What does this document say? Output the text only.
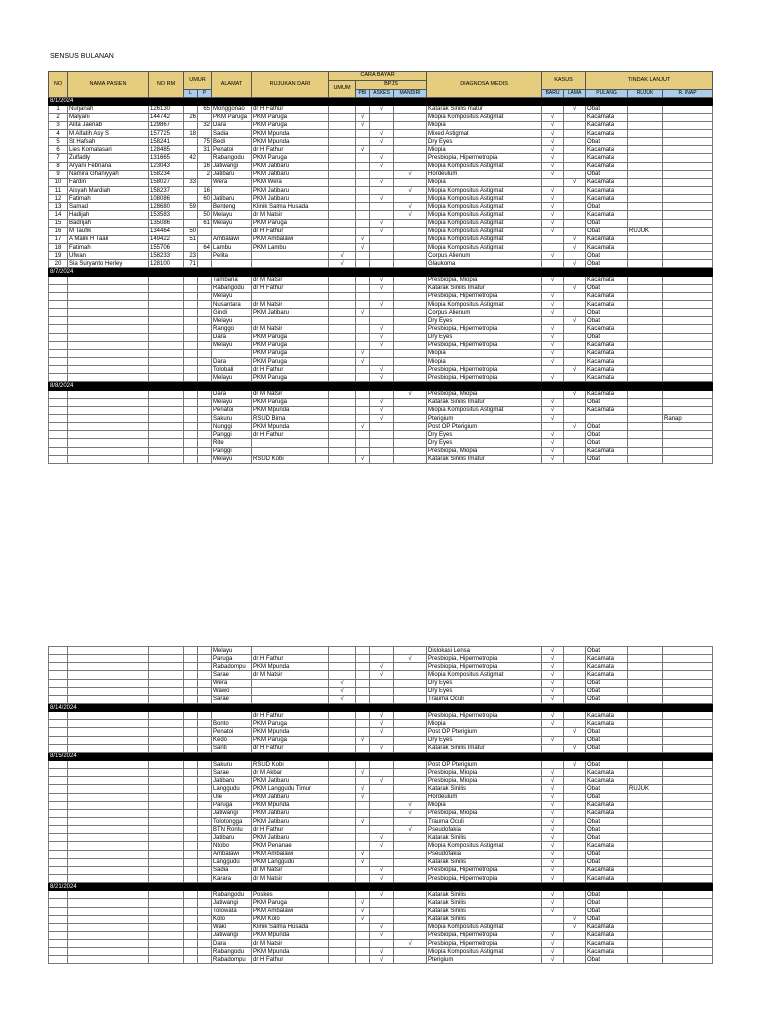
SENSUS BULANAN
NO	NAMA PASIEN	NO RM	UMUR		ALAMAT	RUJUKAN DARI	CARA BAYAR				DIAGNOSA MEDIS	KASUS		TINDAK LANJUT		
							UMUM	BPJS								
			L	P				PBI	ASKES	MANDIRI		BARU	LAMA	PULANG	RUJUK	R. INAP
8/1/2024																
1	Nurjanah	126130		65	Monggonao	dr H Fathur			√		Katarak Sinilis matur		√	Obat		
2	Malyani	144742	26		PKM Paruga	PKM Paruga		√			Miopia Kompositus Astigmat	√		Kacamata		
3	Alita Jaenab	129867		32	Dara	PKM Paruga		√			Miopia	√		Kacamata		
4	M Alfatih Asy S	157725	18		Sadia	PKM Mpunda			√		Mixed Astigmat	√		Kacamata		
5	St Hafsah	158241		75	Bedi	PKM Mpunda			√		Dry Eyes	√		Obat		
6	Lies Komalasari	128485		31	Penatoi	dr H Fathur		√			Miopia	√		Kacamata		
7	Zulfadly	131665	42		Rabangodu	PKM Paruga			√		Presbiopia, Hipermetropia	√		Kacamata		
8	Aryani Febriana	123043		16	Jatiwangi	PKM Jatibaru			√		Miopia Kompositus Astigmat	√		Kacamata		
9	Namira Ghaniyyah	158234		2	Jatibaru	PKM Jatibaru				√	Hordeulum	√		Obat		
10	Fardin	158027	33		Wera	PKM Wera			√		Miopia		√	Kacamata		
11	Aisyah Mardiah	158237		16		PKM Jatibaru				√	Miopia Kompositus Astigmat	√		Kacamata		
12	Fatimah	108086		60	Jatibaru	PKM Jatibaru			√		Miopia Kompositus Astigmat	√		Kacamata		
13	Samad	128680	59		Benteng	Klinik Salma Husada				√	Miopia Kompositus Astigmat	√		Obat		
14	Hadijah	153583		50	Melayu	dr M Natsir				√	Miopia Kompositus Astigmat	√		Kacamata		
15	Badrijah	135086		61	Melayu	PKM Paruga			√		Miopia Kompositus Astigmat	√		Obat		
16	M Taufik	134464	50			dr H Fathur			√		Miopia Kompositus Astigmat	√		Obat	RUJUK	
17	A Malik H Taali	149422	51		Ambalawi	PKM Ambalawi		√			Miopia Kompositus Astigmat		√	Kacamata		
18	Fatimah	155706		64	Lambu	PKM Lambu		√			Miopia Kompositus Astigmat		√	Kacamata		
19	Ufwan	158233	23		Pelita		√				Corpus Alienum	√		Obat		
20	Sia Suryanto Herley	128100	71				√				Glaukoma		√	Obat		
8/7/2024																
					Tambana	dr M Natsir			√		Presbiopia, Miopia	√		Kacamata		
					Rabangodu	dr H Fathur			√		Katarak Sinilis Imatur		√	Obat		
					Melayu						Presbiopia, Hipermetropia	√		Kacamata		
					Nusantara	dr M Natsir			√		Miopia Kompositus Astigmat	√		Kacamata		
					Gindi	PKM Jatibaru		√			Corpus Alienum	√		Obat		
					Melayu						Dry Eyes		√	Obat		
					Ranggo	dr M Natsir			√		Presbiopia, Hipermetropia	√		Kacamata		
					Dara	PKM Paruga			√		Dry Eyes	√		Obat		
					Melayu	PKM Paruga			√		Presbiopia, Hipermetropia	√		Kacamata		
						PKM Paruga		√			Miopia	√		Kacamata		
					Dara	PKM Paruga		√			Miopia	√		Kacamata		
					Tolobali	dr H Fathur			√		Presbiopia, Hipermetropia		√	Kacamata		
					Melayu	PKM Paruga			√		Presbiopia, Hipermetropia	√		Kacamata		
8/8/2024																
					Dara	dr M Natsir				√	Presbiopia, Miopia		√	Kacamata		
					Melayu	PKM Paruga			√		Katarak Sinilis Imatur	√		Obat		
					Penatoi	PKM Mpunda			√		Miopia Kompositus Astigmat	√		Kacamata		
					Sakuru	RSUD Bima			√		Pterigium	√				Ranap
					Nunggi	PKM Mpunda		√			Post OP Pterigium		√	Obat		
					Panggi	dr H Fathur					Dry Eyes	√		Obat		
					Rite						Dry Eyes	√		Obat		
					Panggi						Presbiopia, Miopia	√		Kacamata		
					Melayu	RSUD Kobi		√			Katarak Sinilis Imatur	√		Obat		
					Melayu						Dislokasi Lensa	√		Obat		
					Paruga	dr H Fathur				√	Presbiopia, Hipermetropia	√		Kacamata		
					Rabadompu	PKM Mpunda			√		Presbiopia, Hipermetropia	√		Kacamata		
					Sarae	dr M Natsir			√		Miopia Kompositus Astigmat	√		Kacamata		
					Wera		√				Dry Eyes	√		Obat		
					Wawo		√				Dry Eyes	√		Obat		
					Sarae		√				Trauma Oculi	√		Obat		
8/14/2024																
						dr H Fathur			√		Presbiopia, Hipermetropia	√		Kacamata		
					Bonto	PKM Paruga			√		Miopia	√		Kacamata		
					Penatoi	PKM Mpunda			√		Post OP Pterigium		√	Obat		
					Kedo	PKM Paruga		√			Dry Eyes	√		Obat		
					Santi	dr H Fathur			√		Katarak Sinilis Imatur		√	Obat		
8/15/2024																
					Sakuru	RSUD Kobi					Post OP Pterigium		√	Obat		
					Sarae	dr M Akbar		√			Presbiopia, Miopia	√		Kacamata		
					Jatibaru	PKM Jatibaru			√		Presbiopia, Miopia	√		Kacamata		
					Langgudu	PKM Langgudu Timur		√			Katarak Sinilis	√		Obat	RUJUK	
					Ule	PKM Jatibaru		√			Hordeulum	√		Obat		
					Paruga	PKM Mpunda				√	Miopia	√		Kacamata		
					Jatiwangi	PKM Jatibaru				√	Presbiopia, Miopia	√		Kacamata		
					Tolotongga	PKM Jatibaru		√			Trauma Oculi	√		Obat		
					BTN Rontu	dr H Fathur				√	Pseudofakia	√		Obat		
					Jatibaru	PKM Jatibaru			√		Katarak Sinilis	√		Obat		
					Ntobo	PKM Penanae			√		Miopia Kompositus Astigmat	√		Kacamata		
					Ambalawi	PKM Ambalawi		√			Pseudofakia	√		Obat		
					Langgudu	PKM Langgudu		√			Katarak Sinilis	√		Obat		
					Sadia	dr M Natsir			√		Presbiopia, Hipermetropia	√		Kacamata		
					Karara	dr M Natsir			√		Presbiopia, Hipermetropia	√		Kacamata		
8/21/2024																
					Rabangodu	Poskes			√		Katarak Sinilis	√		Obat		
					Jatiwangi	PKM Paruga		√			Katarak Sinilis	√		Obat		
					Tolowata	PKM Ambalawi		√			Katarak Sinilis	√		Obat		
					Kolo	PKM Kolo		√			Katarak Sinilis		√	Obat		
					Waki	Klinik Salma Husada			√		Miopia Kompositus Astigmat		√	Kacamata		
					Jatiwangi	PKM Mpunda			√		Presbiopia, Hipermetropia	√		Kacamata		
					Dara	dr M Natsir				√	Presbiopia, Hipermetropia	√		Kacamata		
					Rabangodu	PKM Mpunda			√		Miopia Kompositus Astigmat	√		Kacamata		
					Rabadompu	dr H Fathur			√		Pterigium	√		Obat		
